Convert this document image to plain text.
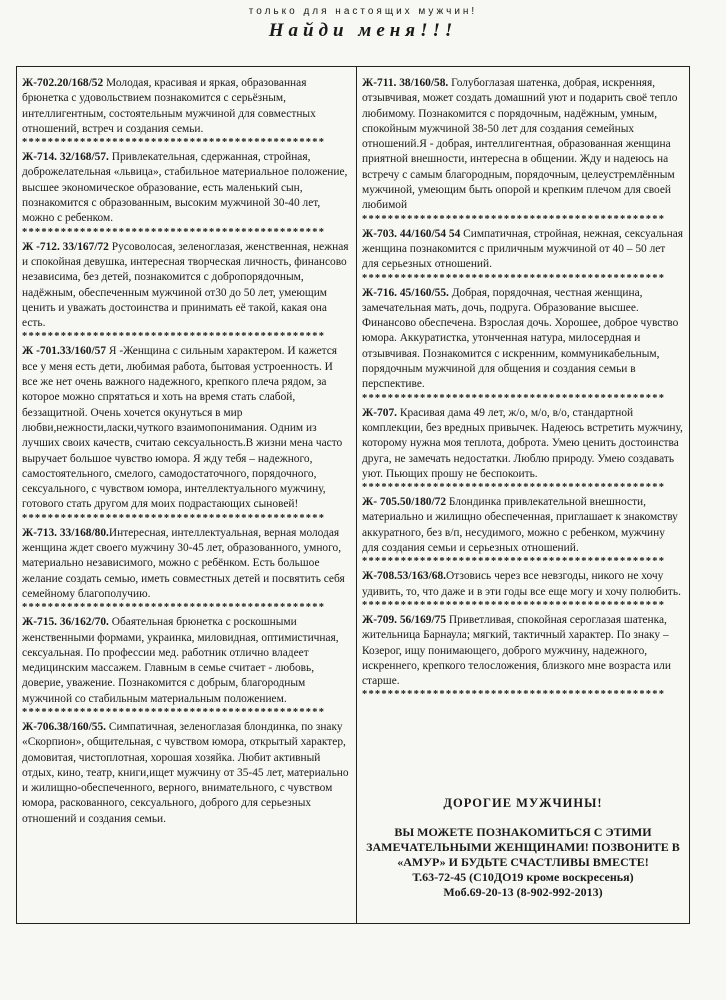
только для настоящих мужчин!
Найди меня!!!

Ж-702.20/168/52 Молодая, красивая и яркая, образованная брюнетка с удовольствием познакомится с серьёзным, интеллигентным, состоятельным мужчиной для совместных отношений, встреч и создания семьи.

***********************************************

Ж-714. 32/168/57. Привлекательная, сдержанная, стройная, доброжелательная «львица», стабильное материальное положение, высшее экономическое образование, есть маленький сын, познакомится с образованным, высоким мужчиной 30-40 лет, можно с ребенком.

***********************************************

Ж -712. 33/167/72 Русоволосая, зеленоглазая, женственная, нежная и спокойная девушка, интересная творческая личность, финансово независима, без детей, познакомится с добропорядочным, надёжным, обеспеченным мужчиной от30 до 50 лет, умеющим ценить и уважать достоинства и принимать её такой, какая она есть.

***********************************************

Ж -701.33/160/57 Я -Женщина с сильным характером. И кажется все у меня есть дети, любимая работа, бытовая устроенность. И все же нет очень важного надежного, крепкого плеча рядом, за которое можно спрятаться и хоть на время стать слабой, беззащитной. Очень хочется окунуться в мир любви,нежности,ласки,чуткого взаимопонимания. Одним из лучших своих качеств, считаю сексуальность.В жизни мена часто выручает большое чувство юмора. Я жду тебя – надежного, самостоятельного, смелого, самодостаточного, порядочного, сексуального, с чувством юмора, интеллектуального мужчину, готового стать другом для моих подрастающих сыновей!

***********************************************

Ж-713. 33/168/80.Интересная, интеллектуальная, верная молодая женщина ждет своего мужчину 30-45 лет, образованного, умного, материально независимого, можно с ребёнком. Есть большое желание создать семью, иметь совместных детей и посвятить себя семейному благополучию.

***********************************************

Ж-715. 36/162/70. Обаятельная брюнетка с роскошными женственными формами, украинка, миловидная, оптимистичная, сексуальная. По профессии мед. работник отлично владеет медицинским массажем. Главным в семье считает - любовь, доверие, уважение. Познакомится с добрым, благородным мужчиной со стабильным материальным положением.

***********************************************

Ж-706.38/160/55. Симпатичная, зеленоглазая блондинка, по знаку «Скорпион», общительная, с чувством юмора, открытый характер, домовитая, чистоплотная, хорошая хозяйка. Любит активный отдых, кино, театр, книги,ищет мужчину от 35-45 лет, материально и жилищно-обеспеченного, верного, внимательного, с чувством юмора, раскованного, сексуального, доброго для серьезных отношений и создания семьи.

Ж-711. 38/160/58. Голубоглазая шатенка, добрая, искренняя, отзывчивая, может создать домашний уют и подарить своё тепло любимому. Познакомится с порядочным, надёжным, умным, спокойным мужчиной 38-50 лет для создания семейных отношений.Я - добрая, интеллигентная, образованная женщина приятной внешности, интересна в общении. Жду и надеюсь на встречу с самым благородным, порядочным, целеустремлённым мужчиной, умеющим быть опорой и крепким плечом для своей любимой

***********************************************

Ж-703. 44/160/54 54 Симпатичная, стройная, нежная, сексуальная женщина познакомится с приличным мужчиной от 40 – 50 лет для серьезных отношений.

***********************************************

Ж-716. 45/160/55. Добрая, порядочная, честная женщина, замечательная мать, дочь, подруга. Образование высшее. Финансово обеспечена. Взрослая дочь. Хорошее, доброе чувство юмора. Аккуратистка, утонченная натура, милосердная и отзывчивая. Познакомится с искренним, коммуникабельным, порядочным мужчиной для общения и создания семьи в перспективе.

***********************************************

Ж-707. Красивая дама 49 лет, ж/о, м/о, в/о, стандартной комплекции, без вредных привычек. Надеюсь встретить мужчину, которому нужна моя теплота, доброта. Умею ценить достоинства друга, не замечать недостатки. Люблю природу. Умею создавать уют. Пьющих прошу не беспокоить.

***********************************************

Ж- 705.50/180/72 Блондинка привлекательной внешности, материально и жилищно обеспеченная, приглашает к знакомству аккуратного, без в/п, несудимого, можно с ребенком, мужчину для создания семьи и серьезных отношений.

***********************************************

Ж-708.53/163/68.Отзовись через все невзгоды, никого не хочу удивить, то, что даже и в эти годы все еще могу и хочу полюбить.

***********************************************

Ж-709. 56/169/75 Приветливая, спокойная сероглазая шатенка, жительница Барнаула; мягкий, тактичный характер. По знаку – Козерог, ищу понимающего, доброго мужчину, надежного, искреннего, крепкого телосложения, близкого мне возраста или старше.

***********************************************
ДОРОГИЕ МУЖЧИНЫ!
ВЫ МОЖЕТЕ ПОЗНАКОМИТЬСЯ С ЭТИМИ ЗАМЕЧАТЕЛЬНЫМИ ЖЕНЩИНАМИ! ПОЗВОНИТЕ В «АМУР» И БУДЬТЕ СЧАСТЛИВЫ ВМЕСТЕ!
Т.63-72-45 (С10ДО19 кроме воскресенья)
Моб.69-20-13 (8-902-992-2013)
